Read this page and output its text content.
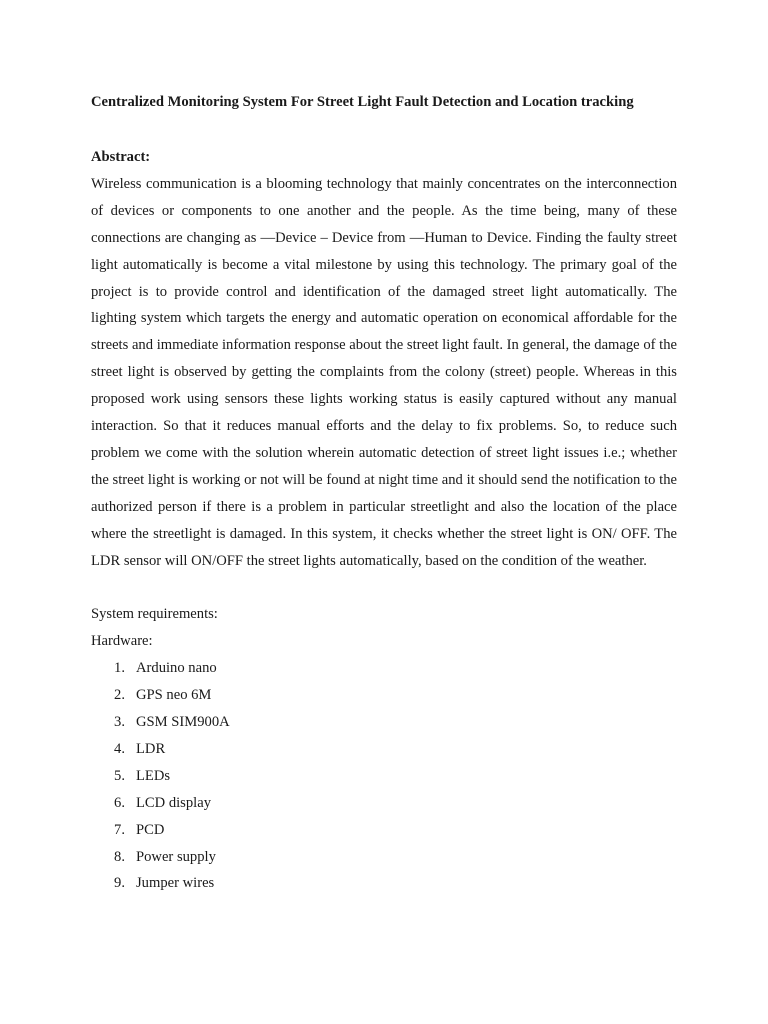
Centralized Monitoring System For Street Light Fault Detection and Location tracking
Abstract:

Wireless communication is a blooming technology that mainly concentrates on the interconnection of devices or components to one another and the people. As the time being, many of these connections are changing as —Device – Device from —Human to Device. Finding the faulty street light automatically is become a vital milestone by using this technology. The primary goal of the project is to provide control and identification of the damaged street light automatically. The lighting system which targets the energy and automatic operation on economical affordable for the streets and immediate information response about the street light fault. In general, the damage of the street light is observed by getting the complaints from the colony (street) people. Whereas in this proposed work using sensors these lights working status is easily captured without any manual interaction. So that it reduces manual efforts and the delay to fix problems. So, to reduce such problem we come with the solution wherein automatic detection of street light issues i.e.; whether the street light is working or not will be found at night time and it should send the notification to the authorized person if there is a problem in particular streetlight and also the location of the place where the streetlight is damaged. In this system, it checks whether the street light is ON/ OFF. The LDR sensor will ON/OFF the street lights automatically, based on the condition of the weather.

System requirements:
Hardware:
1. Arduino nano
2. GPS neo 6M
3. GSM SIM900A
4. LDR
5. LEDs
6. LCD display
7. PCD
8. Power supply
9. Jumper wires
